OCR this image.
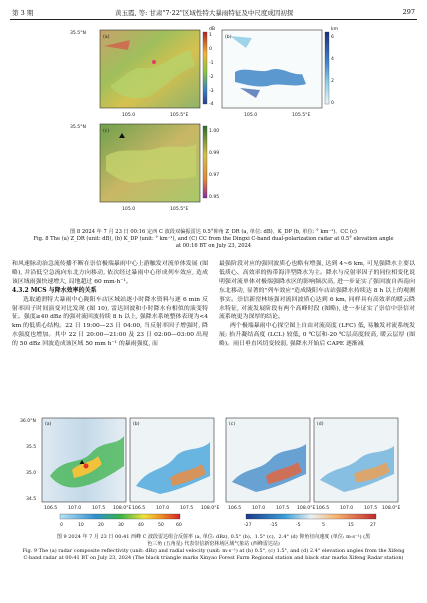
第 3 期	黄玉霞, 等: 甘肃"7·22"区域性特大暴雨特征及中尺度成因初探	297
(a)
35.5°N
(b)
(c)
35.5°N
105.0	105.5°E	105.0	105.5°E
105.0	105.5°E
dB
1
0
-1
-2
-3
-4
km
6
4
2
0
1.00
0.99
0.97
0.95
图 8 2024 年 7 月 23 日 00:16 定西 C 波段双偏振雷达 0.5°仰角 Z_DR (a, 单位: dB)、K_DP (b, 单位: ° km⁻¹)、CC (c)
Fig. 8 The (a) Z_DR (unit: dB), (b) K_DP (unit: ° km⁻¹), and (C) CC from the Dingxi C-band dual-polarization radar at 0.5° elevation angle
at 00:16 BT on July 23, 2024

和风速脉动治急流传播不断在崇信极端暴雨中心上游触发对流单体发展 (图略), 并沿低空急流向东北方向移动, 依次经过暴雨中心形成列车效应, 造成该区域雨强快速增大, 局地超过 60 mm·h⁻¹。

4.3.2 MCS 与降水效率的关系

选取通渭特大暴雨中心陇阳车店区域站逐小时降水资料与逐 6 min 反射率因子时间演变对比发现 (图 10), 雷达回波和小时降水有相似的演变特征。强度≥40 dBz 的强对流回波持续 8 h 以上, 强降水系统整体表现为<4 km 的低质心结构。22 日 19:00—23 日 04:00, 当反射率因子增强时, 降水强度也增加。其中 22 日 20:00—21:00 及 23 日 02:00—03:00 出现的 50 dBz 回波造成该区域 50 mm h⁻¹ 的暴雨强度, 而

最强阶段对应的强回波质心也略有增强, 达到 4~6 km, 可见强降水主要以低质心、高效率的热带海洋型降水为主。降水与反射率因子的同位相变化说明强对流单体对极端强降水区的影响频次高, 进一步证实了强回波自西南向东北移动, 显著的"列车效应"造成陇阳车店站强降水持续达 8 h 以上的观测事实。崇信新窑林场强对流回波质心达到 6 km, 同样具有高效率的暖云降水特征, 对流发展阶段有两个高峰时段 (图略), 进一步证实了崇信中崇信对流系统更为深厚的结论。

两个极端暴雨中心探空图上自由对流高度 (LFC) 低, 易触发对流系统发展; 抬升凝结高度 (LCL) 较低, 0 ℃层和-20 ℃层高度较高, 暖云层厚 (图略)。雨日垂直风切变较弱, 强降水开始后 CAPE 逐渐减

(a)	(b)	(c)	(d)
36.0°N
35.5
35.0
34.5
106.5 107.0 107.5 108.0°E 106.5 107.0 107.5 108.0°E 106.5 107.0 107.5 108.0°E 106.5 107.0 107.5 108.0°E
0	10	20	30	40	50	60	-27	-15	-5	5	15	27
图 9 2024 年 7 月 23 日 00:41 西峰 C 波段雷达组合反射率 (a, 单位: dBz), 0.5° (b)、1.5° (c)、2.4° (d) 仰角径向速度 (单位: m·s⁻¹) (黑
色三角 (五角星) 代表崇信新窑林场区域气象站 (西峰雷达站)
Fig. 9 The (a) radar composite reflectivity (unit: dBz) and radial velocity (unit: m·s⁻¹) at (b) 0.5°, (c) 1.5°, and (d) 2.4° elevation angles from the Xifeng
C-band radar at 00:41 BT on July 23, 2024 (The black triangle marks Xinyao Forest Farm Regional station and black star marks Xifeng Radar station)
